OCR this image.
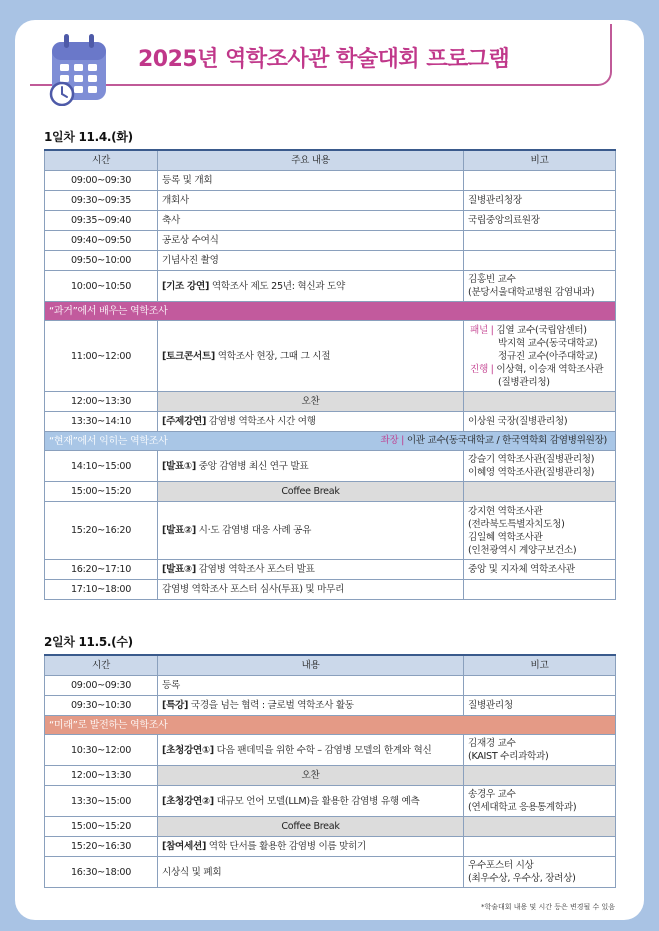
2025년 역학조사관 학술대회 프로그램
1일차 11.4.(화)
시간	주요 내용	비고
09:00~09:30	등록 및 개회	
09:30~09:35	개회사	질병관리청장
09:35~09:40	축사	국립중앙의료원장
09:40~09:50	공로상 수여식	
09:50~10:00	기념사진 촬영	
10:00~10:50	[기조 강연] 역학조사 제도 25년: 혁신과 도약	김홍빈 교수
(분당서울대학교병원 감염내과)

“과거”에서 배우는 역학조사		
11:00~12:00	[토크콘서트] 역학조사 현장, 그때 그 시절	패널 | 김열 교수(국립암센터)
박지혁 교수(동국대학교)
정규진 교수(아주대학교)
진행 | 이상혁, 이승재 역학조사관
(질병관리청)

12:00~13:30	오찬	
13:30~14:10	[주제강연] 감염병 역학조사 시간 여행	이상원 국장(질병관리청)
“현재”에서 익히는 역학조사 좌장 | 이관 교수(동국대학교 / 한국역학회 감염병위원장)		

14:10~15:00	[발표①] 중앙 감염병 최신 연구 발표	강슬기 역학조사관(질병관리청)
이혜영 역학조사관(질병관리청)

15:00~15:20	Coffee Break	
15:20~16:20	[발표②] 시·도 감염병 대응 사례 공유	강지현 역학조사관
(전라북도특별자치도청)
김일혜 역학조사관
(인천광역시 계양구보건소)

16:20~17:10	[발표③] 감염병 역학조사 포스터 발표	중앙 및 지자체 역학조사관
17:10~18:00	감염병 역학조사 포스터 심사(투표) 및 마무리	
2일차 11.5.(수)
시간	내용	비고
09:00~09:30	등록	
09:30~10:30	[특강] 국경을 넘는 협력 : 글로벌 역학조사 활동	질병관리청
“미래”로 발전하는 역학조사		
10:30~12:00	[초청강연①] 다음 팬데믹을 위한 수학 – 감염병 모델의 한계와 혁신	김재경 교수
(KAIST 수리과학과)

12:00~13:30	오찬	
13:30~15:00	[초청강연②] 대규모 언어 모델(LLM)을 활용한 감염병 유행 예측	송경우 교수
(연세대학교 응용통계학과)

15:00~15:20	Coffee Break	
15:20~16:30	[참여세션] 역학 단서를 활용한 감염병 이름 맞히기	
16:30~18:00	시상식 및 폐회	우수포스터 시상
(최우수상, 우수상, 장려상)
*학술대회 내용 및 시간 등은 변경될 수 있음
